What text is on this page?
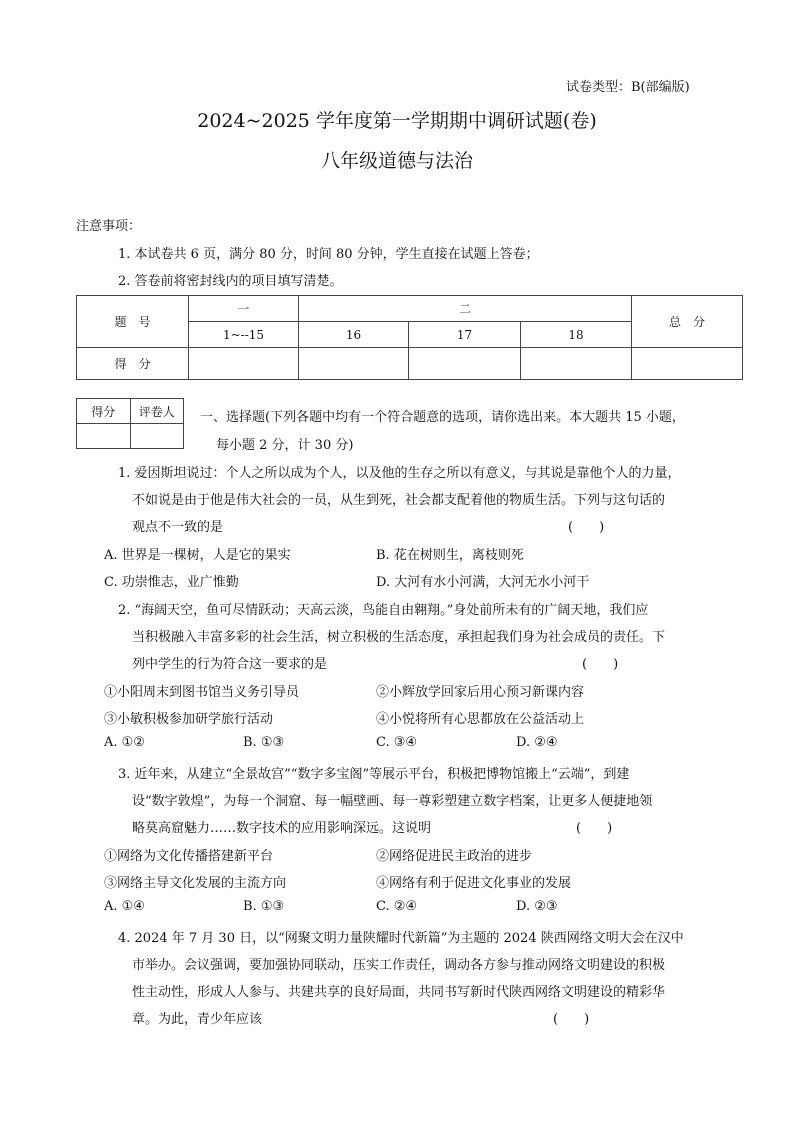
试卷类型：B(部编版)
2024~2025 学年度第一学期期中调研试题(卷)
八年级道德与法治
注意事项：
1. 本试卷共 6 页，满分 80 分，时间 80 分钟，学生直接在试题上答卷；
2. 答卷前将密封线内的项目填写清楚。
题　号	一	二			总　分
	1~--15	16	17	18	
得　分					
得分	评卷人
	一、选择题(下列各题中均有一个符合题意的选项，请你选出来。本大题共 15 小题，
每小题 2 分，计 30 分)
1. 爱因斯坦说过：个人之所以成为个人，以及他的生存之所以有意义，与其说是靠他个人的力量，
不如说是由于他是伟大社会的一员，从生到死，社会都支配着他的物质生活。下列与这句话的
观点不一致的是	(　　)
A. 世界是一棵树，人是它的果实	B. 花在树则生，离枝则死
C. 功崇惟志，业广惟勤	D. 大河有水小河满，大河无水小河干
2. “海阔天空，鱼可尽情跃动；天高云淡，鸟能自由翱翔。”身处前所未有的广阔天地，我们应
当积极融入丰富多彩的社会生活，树立积极的生活态度，承担起我们身为社会成员的责任。下
列中学生的行为符合这一要求的是	(　　)
①小阳周末到图书馆当义务引导员	②小辉放学回家后用心预习新课内容
③小敏积极参加研学旅行活动	④小悦将所有心思都放在公益活动上
A. ①②	B. ①③	C. ③④	D. ②④
3. 近年来，从建立“全景故宫”“数字多宝阁”等展示平台，积极把博物馆搬上“云端”，到建
设“数字敦煌”，为每一个洞窟、每一幅壁画、每一尊彩塑建立数字档案，让更多人便捷地领
略莫高窟魅力……数字技术的应用影响深远。这说明	(　　)
①网络为文化传播搭建新平台	②网络促进民主政治的进步
③网络主导文化发展的主流方向	④网络有利于促进文化事业的发展
A. ①④	B. ①③	C. ②④	D. ②③
4. 2024 年 7 月 30 日，以“网聚文明力量陕耀时代新篇”为主题的 2024 陕西网络文明大会在汉中
市举办。会议强调，要加强协同联动，压实工作责任，调动各方参与推动网络文明建设的积极
性主动性，形成人人参与、共建共享的良好局面，共同书写新时代陕西网络文明建设的精彩华
章。为此，青少年应该	(　　)
